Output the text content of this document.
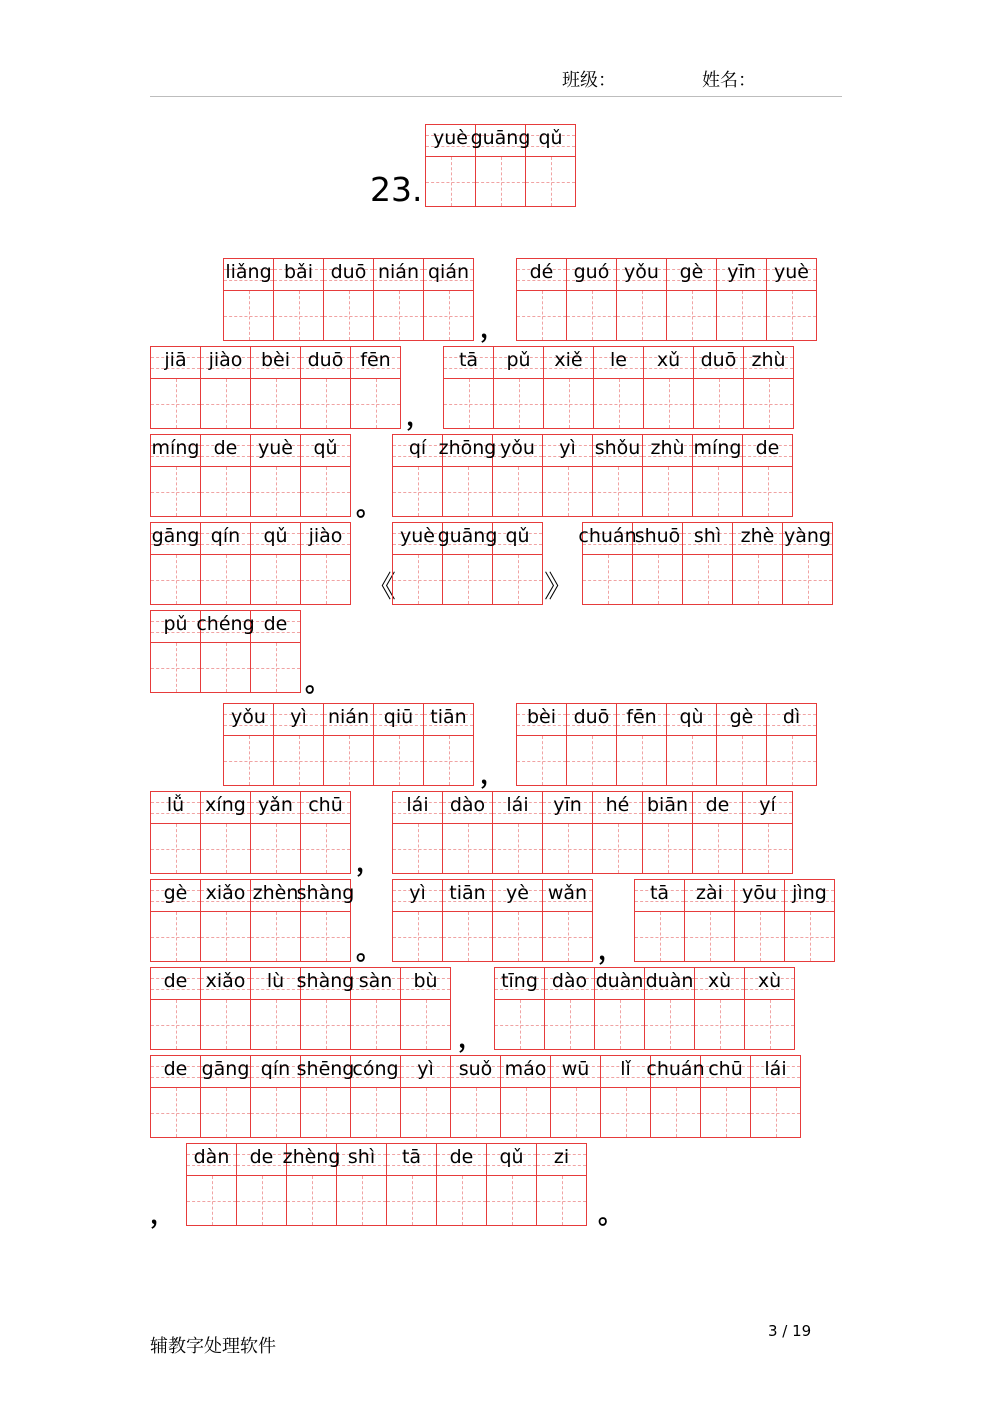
班级：	姓名：
23.
yuè guāng qǔ
liǎng bǎi duō nián qián
，
dé	guó yǒu	gè	yīn yuè
jiā	jiào bèi duō fēn
，
tā	pǔ	xiě	le	xǔ	duō zhù
míng de	yuè	qǔ
。
qí zhōng yǒu	yì shǒu zhù míng de
gāng qín	qǔ	jiào
《
yuè guāng qǔ
》
chuán
shuō shì	zhè yàng
pǔ chéng de
。
yǒu	yì	nián qiū tiān
，
bèi duō fēn	qù	gè	dì
lǚ	xíng yǎn chū
，
lái	dào	lái	yīn	hé biān de	yí
gè xiǎo zhèn
shàng
。
yì	tiān	yè wǎn
，
tā	zài	yōu jìng
de xiǎo	lù shàng sàn	bù
，
tīng dào duàn duàn xù	xù
de gāng qín shēng
cóng yì	suǒ máo wū	lǐ chuán chū	lái
，
dàn	de zhèng shì	tā	de	qǔ	zi
。
辅教字处理软件
3 / 19
